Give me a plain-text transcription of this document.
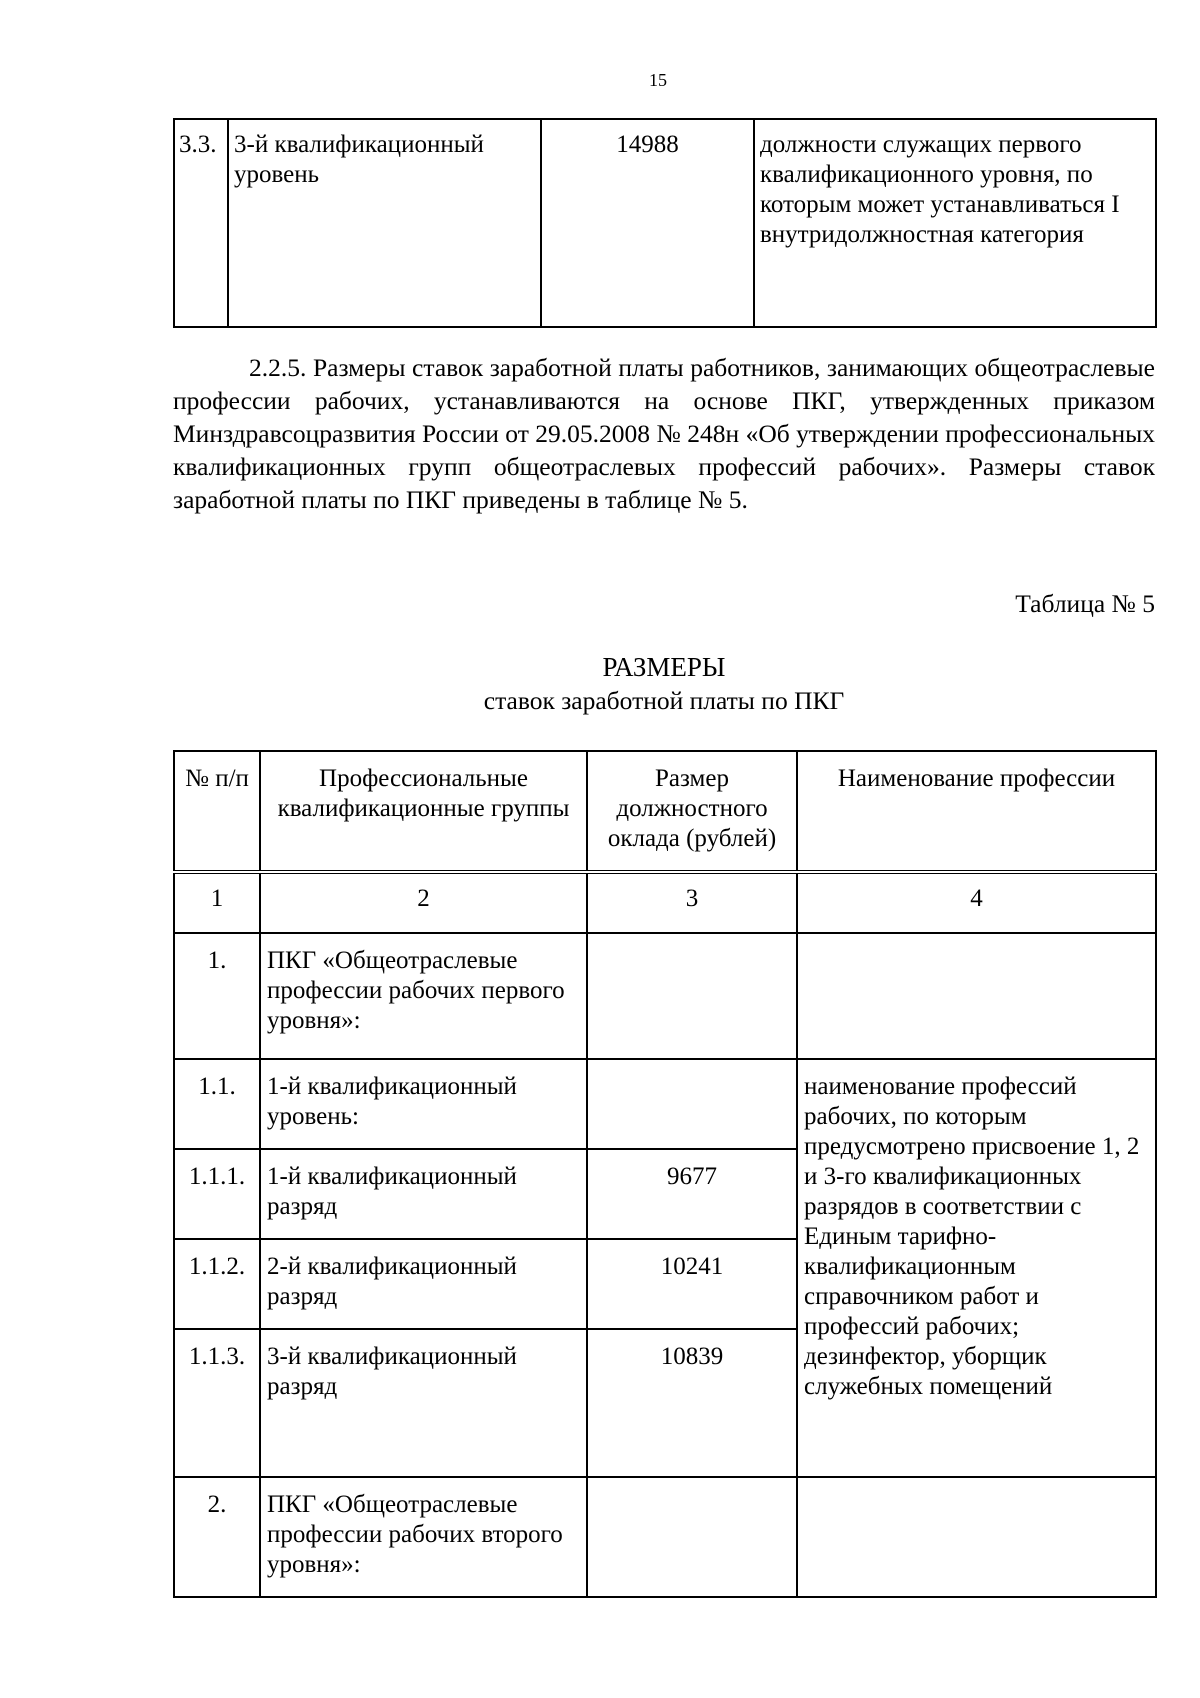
15
3.3.	3-й квалификационный уровень	14988	должности служащих первого квалификационного уровня, по которым может устанавливаться I внутридолжностная категория

2.2.5. Размеры ставок заработной платы работников, занимающих общеотраслевые профессии рабочих, устанавливаются на основе ПКГ, утвержденных приказом Минздравсоцразвития России от 29.05.2008 № 248н «Об утверждении профессиональных квалификационных групп общеотраслевых профессий рабочих». Размеры ставок заработной платы по ПКГ приведены в таблице № 5.

Таблица № 5
РАЗМЕРЫ
ставок заработной платы по ПКГ
№ п/п	Профессиональные квалификационные группы	Размер должностного оклада (рублей)	Наименование профессии
1	2	3	4
1.	ПКГ «Общеотраслевые профессии рабочих первого уровня»:		
1.1.	1-й квалификационный уровень:		наименование профессий рабочих, по которым предусмотрено присвоение 1, 2 и 3-го квалификационных разрядов в соответствии с Единым тарифно-квалификационным справочником работ и профессий рабочих; дезинфектор, уборщик служебных помещений
1.1.1.	1-й квалификационный разряд	9677	
1.1.2.	2-й квалификационный разряд	10241	
1.1.3.	3-й квалификационный разряд	10839	
2.	ПКГ «Общеотраслевые профессии рабочих второго уровня»:		
